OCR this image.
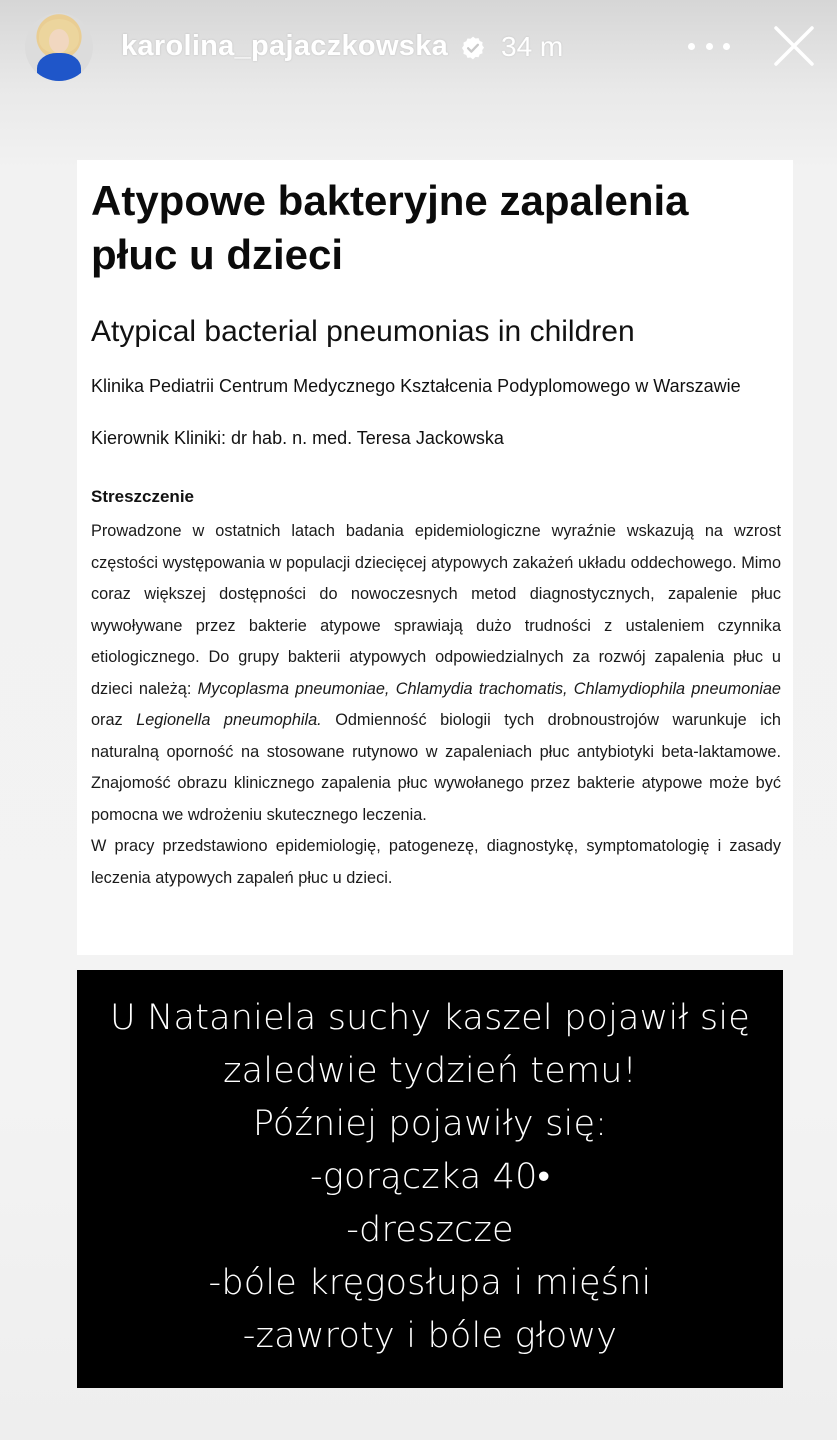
karolina_pajaczkowska 34 m
Atypowe bakteryjne zapalenia płuc u dzieci
Atypical bacterial pneumonias in children
Klinika Pediatrii Centrum Medycznego Kształcenia Podyplomowego w Warszawie
Kierownik Kliniki: dr hab. n. med. Teresa Jackowska
Streszczenie

Prowadzone w ostatnich latach badania epidemiologiczne wyraźnie wskazują na wzrost częstości występowania w populacji dziecięcej atypowych zakażeń układu oddechowego. Mimo coraz większej dostępności do nowoczesnych metod diagnostycznych, zapalenie płuc wywoływane przez bakterie atypowe sprawiają dużo trudności z ustaleniem czynnika etiologicznego. Do grupy bakterii atypowych odpowiedzialnych za rozwój zapalenia płuc u dzieci należą: Mycoplasma pneumoniae, Chlamydia trachomatis, Chlamydiophila pneumoniae oraz Legionella pneumophila. Odmienność biologii tych drobnoustrojów warunkuje ich naturalną oporność na stosowane rutynowo w zapaleniach płuc antybiotyki beta-laktamowe. Znajomość obrazu klinicznego zapalenia płuc wywołanego przez bakterie atypowe może być pomocna we wdrożeniu skutecznego leczenia.

W pracy przedstawiono epidemiologię, patogenezę, diagnostykę, symptomatologię i zasady leczenia atypowych zapaleń płuc u dzieci.

U Nataniela suchy kaszel pojawił się
zaledwie tydzień temu!
Później pojawiły się:
-gorączka 40•
-dreszcze
-bóle kręgosłupa i mięśni
-zawroty i bóle głowy
